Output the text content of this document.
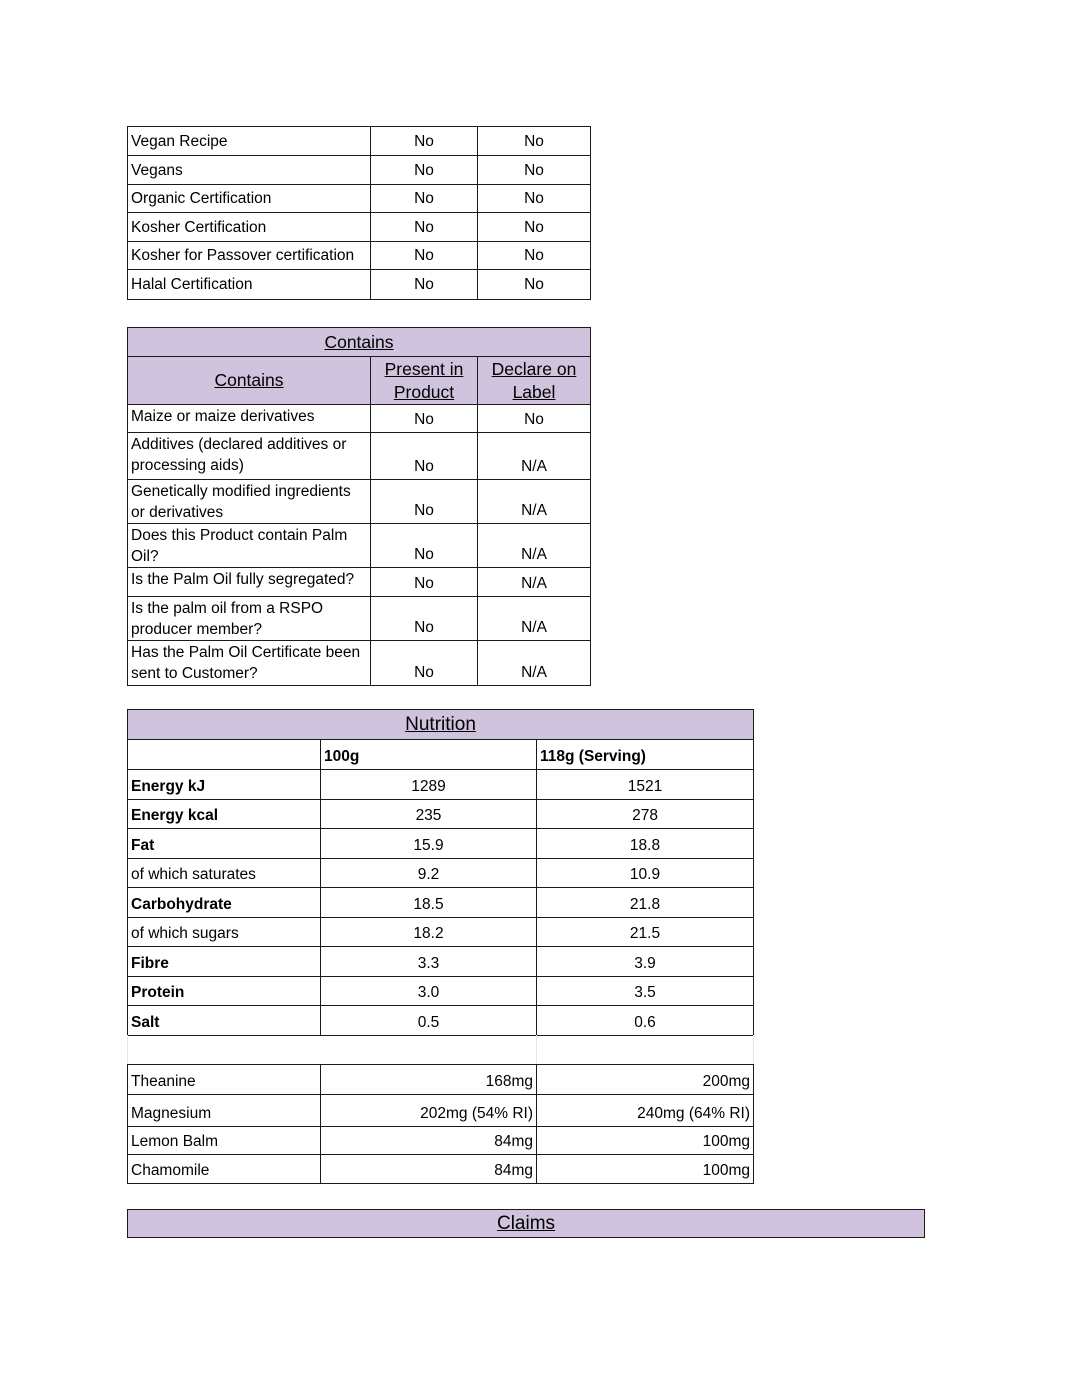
Vegan Recipe	No	No
Vegans	No	No
Organic Certification	No	No
Kosher Certification	No	No
Kosher for Passover certification	No	No
Halal Certification	No	No
Contains		
Contains	Present in Product	Declare on Label
Maize or maize derivatives	No	No
Additives (declared additives or processing aids)	No	N/A
Genetically modified ingredients or derivatives	No	N/A
Does this Product contain Palm Oil?	No	N/A
Is the Palm Oil fully segregated?	No	N/A
Is the palm oil from a RSPO producer member?	No	N/A
Has the Palm Oil Certificate been sent to Customer?	No	N/A
Nutrition		
	100g	118g (Serving)
Energy kJ	1289	1521
Energy kcal	235	278
Fat	15.9	18.8
of which saturates	9.2	10.9
Carbohydrate	18.5	21.8
of which sugars	18.2	21.5
Fibre	3.3	3.9
Protein	3.0	3.5
Salt	0.5	0.6
Theanine	168mg	200mg
Magnesium	202mg (54% RI)	240mg (64% RI)
Lemon Balm	84mg	100mg
Chamomile	84mg	100mg
Claims
